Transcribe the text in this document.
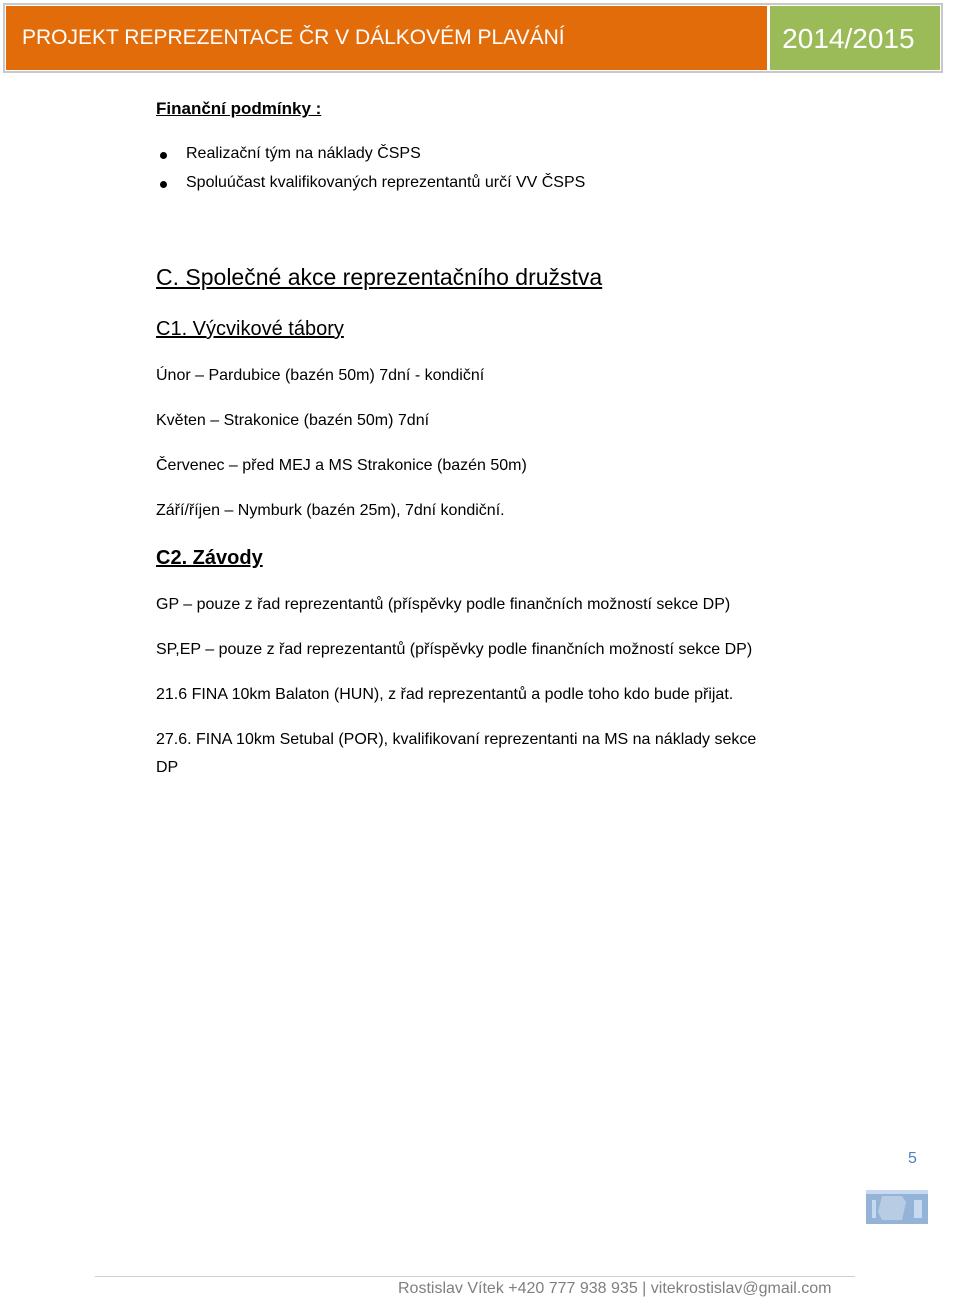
PROJEKT REPREZENTACE ČR V DÁLKOVÉM PLAVÁNÍ	2014/2015
Finanční podmínky :
Realizační tým na náklady ČSPS
Spoluúčast kvalifikovaných reprezentantů určí VV ČSPS
C. Společné akce reprezentačního družstva
C1. Výcvikové tábory
Únor – Pardubice (bazén 50m) 7dní - kondiční
Květen – Strakonice (bazén 50m) 7dní
Červenec – před MEJ a MS Strakonice (bazén 50m)
Září/říjen – Nymburk (bazén 25m), 7dní kondiční.
C2. Závody
GP – pouze z řad reprezentantů (příspěvky podle finančních možností sekce DP)
SP,EP – pouze z řad reprezentantů (příspěvky podle finančních možností sekce DP)
21.6 FINA 10km Balaton (HUN), z řad reprezentantů a podle toho kdo bude přijat.
27.6. FINA 10km Setubal (POR), kvalifikovaní reprezentanti na MS na náklady sekce
DP
5
Rostislav Vítek +420 777 938 935 | vitekrostislav@gmail.com
